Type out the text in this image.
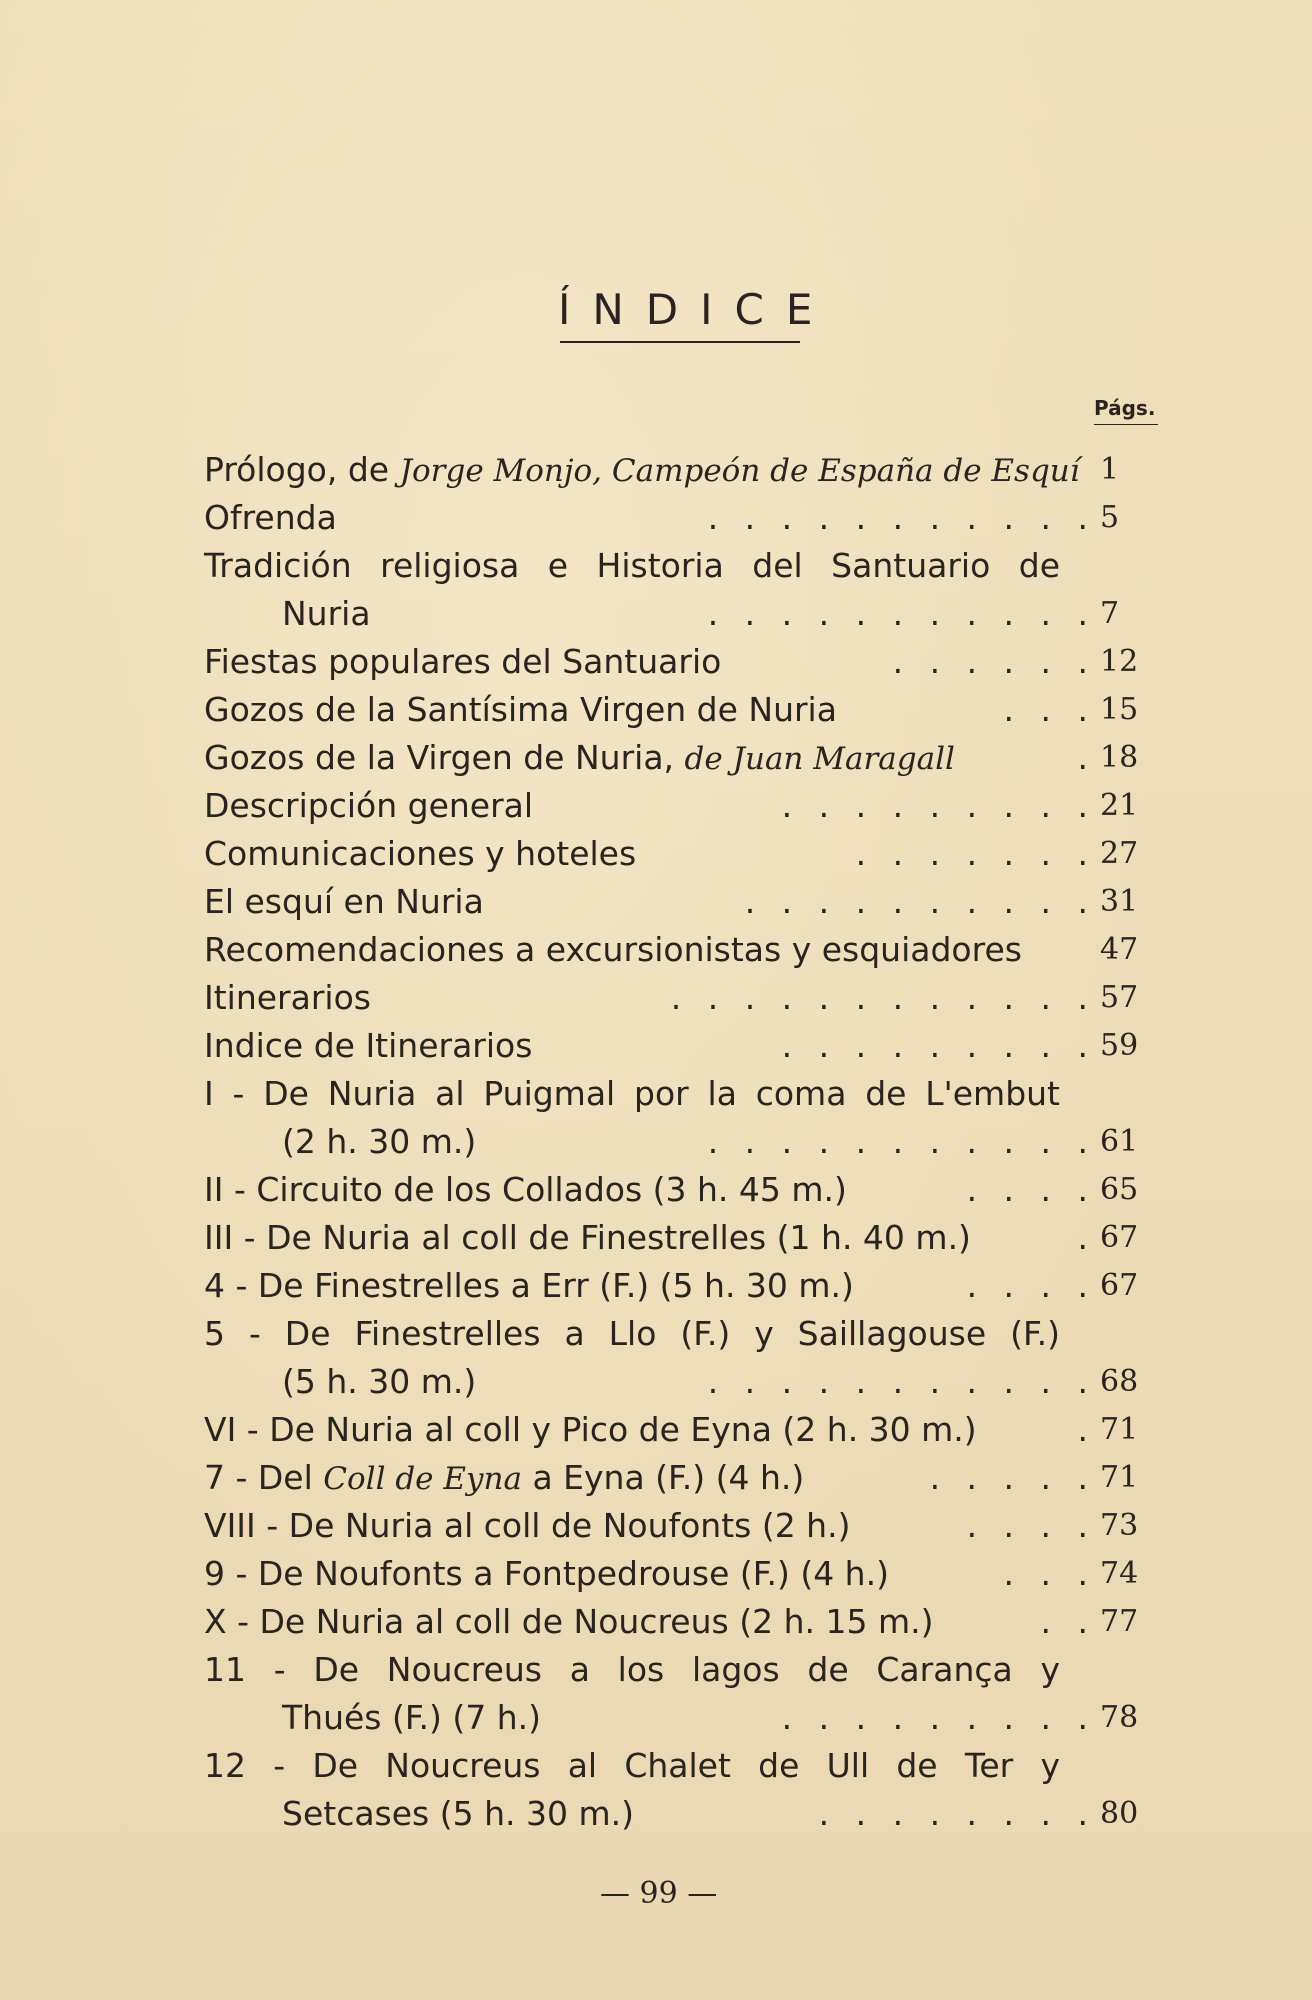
ÍNDICE
Págs.
Prólogo, de Jorge Monjo, Campeón de España de Esquí 1
Ofrenda	. . . . . . . . . . . 5
Tradición religiosa e Historia del Santuario de
Nuria	. . . . . . . . . . . 7
Fiestas populares del Santuario	. . . . . . 12
Gozos de la Santísima Virgen de Nuria	. . . 15
Gozos de la Virgen de Nuria, de Juan Maragall	. 18
Descripción general	. . . . . . . . . 21
Comunicaciones y hoteles	. . . . . . . 27
El esquí en Nuria	. . . . . . . . . . 31
Recomendaciones a excursionistas y esquiadores	47
Itinerarios	. . . . . . . . . . . . 57
Indice de Itinerarios	. . . . . . . . . 59
I - De Nuria al Puigmal por la coma de L'embut
(2 h. 30 m.)	. . . . . . . . . . . 61
II - Circuito de los Collados (3 h. 45 m.)	. . . . 65
III - De Nuria al coll de Finestrelles (1 h. 40 m.)	. 67
4 - De Finestrelles a Err (F.) (5 h. 30 m.)	. . . . 67
5 - De Finestrelles a Llo (F.) y Saillagouse (F.)
(5 h. 30 m.)	. . . . . . . . . . . 68
VI - De Nuria al coll y Pico de Eyna (2 h. 30 m.)	. 71
7 - Del Coll de Eyna a Eyna (F.) (4 h.)	. . . . . 71
VIII - De Nuria al coll de Noufonts (2 h.)	. . . . 73
9 - De Noufonts a Fontpedrouse (F.) (4 h.)	. . . 74
X - De Nuria al coll de Noucreus (2 h. 15 m.)	. . 77
11 - De Noucreus a los lagos de Carança y
Thués (F.) (7 h.)	. . . . . . . . . 78
12 - De Noucreus al Chalet de Ull de Ter y
Setcases (5 h. 30 m.)	. . . . . . . . 80
— 99 —
